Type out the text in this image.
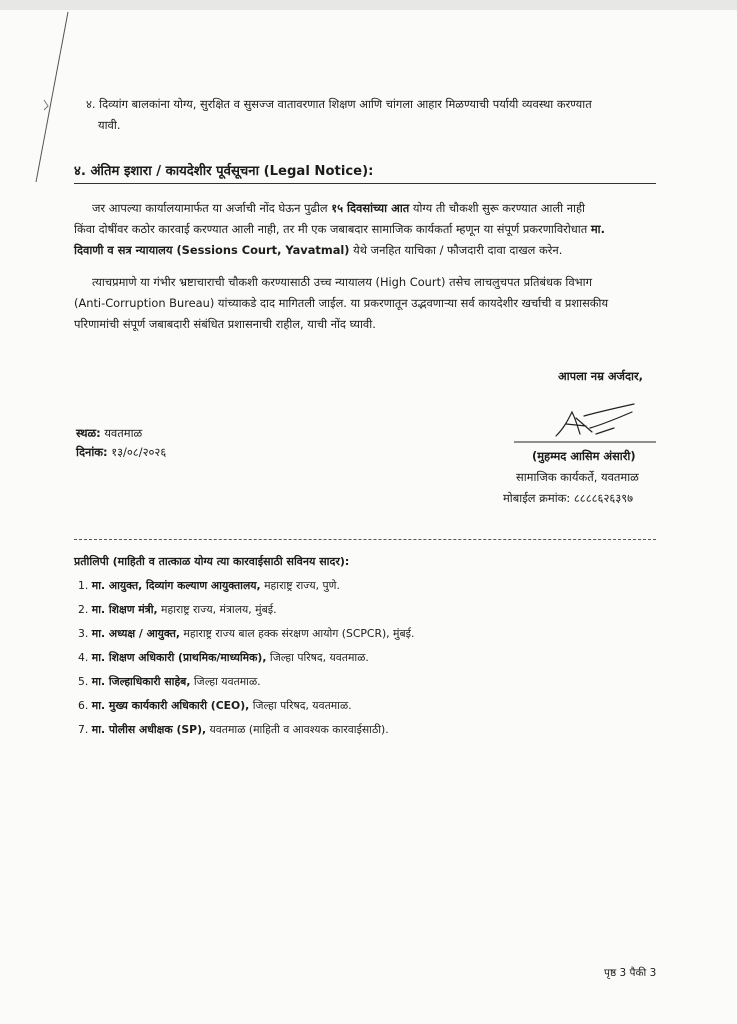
४. दिव्यांग बालकांना योग्य, सुरक्षित व सुसज्ज वातावरणात शिक्षण आणि चांगला आहार मिळण्याची पर्यायी व्यवस्था करण्यात
यावी.
४. अंतिम इशारा / कायदेशीर पूर्वसूचना (Legal Notice):
जर आपल्या कार्यालयामार्फत या अर्जाची नोंद घेऊन पुढील १५ दिवसांच्या आत योग्य ती चौकशी सुरू करण्यात आली नाही
किंवा दोषींवर कठोर कारवाई करण्यात आली नाही, तर मी एक जबाबदार सामाजिक कार्यकर्ता म्हणून या संपूर्ण प्रकरणाविरोधात मा.
दिवाणी व सत्र न्यायालय (Sessions Court, Yavatmal) येथे जनहित याचिका / फौजदारी दावा दाखल करेन.
त्याचप्रमाणे या गंभीर भ्रष्टाचाराची चौकशी करण्यासाठी उच्च न्यायालय (High Court) तसेच लाचलुचपत प्रतिबंधक विभाग
(Anti-Corruption Bureau) यांच्याकडे दाद मागितली जाईल. या प्रकरणातून उद्भवणाऱ्या सर्व कायदेशीर खर्चाची व प्रशासकीय
परिणामांची संपूर्ण जबाबदारी संबंधित प्रशासनाची राहील, याची नोंद घ्यावी.
आपला नम्र अर्जदार,
स्थळ: यवतमाळ
दिनांक: १३/०८/२०२६	(मुहम्मद आसिम अंसारी)
सामाजिक कार्यकर्ते, यवतमाळ
मोबाईल क्रमांक: ८८८८६२६३९७
प्रतीलिपी (माहिती व तात्काळ योग्य त्या कारवाईसाठी सविनय सादर):
1. मा. आयुक्त, दिव्यांग कल्याण आयुक्तालय, महाराष्ट्र राज्य, पुणे.
2. मा. शिक्षण मंत्री, महाराष्ट्र राज्य, मंत्रालय, मुंबई.
3. मा. अध्यक्ष / आयुक्त, महाराष्ट्र राज्य बाल हक्क संरक्षण आयोग (SCPCR), मुंबई.
4. मा. शिक्षण अधिकारी (प्राथमिक/माध्यमिक), जिल्हा परिषद, यवतमाळ.
5. मा. जिल्हाधिकारी साहेब, जिल्हा यवतमाळ.
6. मा. मुख्य कार्यकारी अधिकारी (CEO), जिल्हा परिषद, यवतमाळ.
7. मा. पोलीस अधीक्षक (SP), यवतमाळ (माहिती व आवश्यक कारवाईसाठी).
पृष्ठ 3 पैकी 3
